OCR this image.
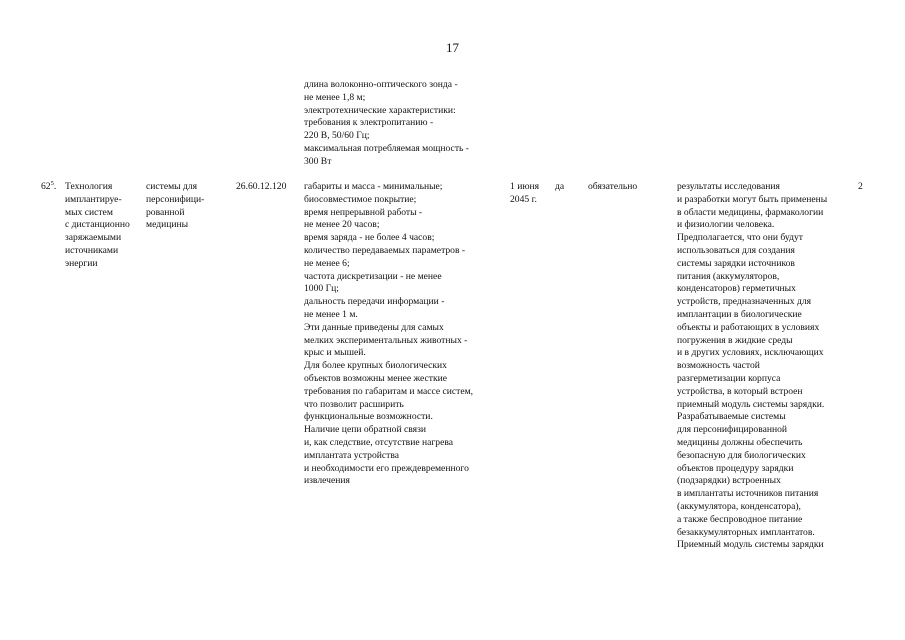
17
длина волоконно-оптического зонда -
не менее 1,8 м;
электротехнические характеристики:
требования к электропитанию -
220 В, 50/60 Гц;
максимальная потребляемая мощность -
300 Вт
$62^5$. Технология
имплантируе-
мых систем
с дистанционно
заряжаемыми
источниками
энергии
системы для
персонифици-
рованной
медицины
26.60.12.120 габариты и масса - минимальные;
биосовместимое покрытие;
время непрерывной работы -
не менее 20 часов;
время заряда - не более 4 часов;
количество передаваемых параметров -
не менее 6;
частота дискретизации - не менее
1000 Гц;
дальность передачи информации -
не менее 1 м.
Эти данные приведены для самых
мелких экспериментальных животных -
крыс и мышей.
Для более крупных биологических
объектов возможны менее жесткие
требования по габаритам и массе систем,
что позволит расширить
функциональные возможности.
Наличие цепи обратной связи
и, как следствие, отсутствие нагрева
имплантата устройства
и необходимости его преждевременного
извлечения
1 июня
2045 г.
да обязательно	результаты исследования
и разработки могут быть применены
в области медицины, фармакологии
и физиологии человека.
Предполагается, что они будут
использоваться для создания
системы зарядки источников
питания (аккумуляторов,
конденсаторов) герметичных
устройств, предназначенных для
имплантации в биологические
объекты и работающих в условиях
погружения в жидкие среды
и в других условиях, исключающих
возможность частой
разгерметизации корпуса
устройства, в который встроен
приемный модуль системы зарядки.
Разрабатываемые системы
для персонифицированной
медицины должны обеспечить
безопасную для биологических
объектов процедуру зарядки
(подзарядки) встроенных
в имплантаты источников питания
(аккумулятора, конденсатора),
а также беспроводное питание
безаккумуляторных имплантатов.
Приемный модуль системы зарядки
2
